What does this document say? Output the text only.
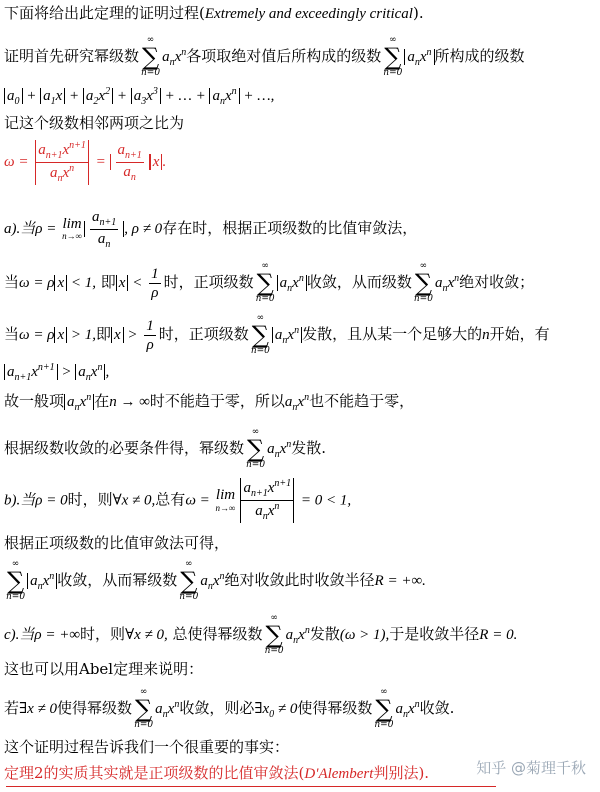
下面将给出此定理的证明过程(Extremely and exceedingly critical).
证明首先研究幂级数
∞
∑
n=0
$a_nx^n$各项取绝对值后所构成的级数
∞
∑
n=0
$a_nx^n$ 所构成的级数
$a_0 + a_1x + a_2x^2 + a_3x^3$ + … + $a_nx^n$ + …,
记这个级数相邻两项之比为
$\omega = \frac{a_{n+1}x^{n+1}}{a_nx^n} = \frac{a_{n+1}}{a_n}$ x .
a).当ρ = lim
$n\to\infty \frac{a_{n+1}}{a_n}$ , ρ ≠ 0存在时，根据正项级数的比值审敛法，
当ω = ρ x < 1, 即 $x < \frac{1}{\rho}$ 时，正项级数
∞
∑
n=0
$a_nx^n$ 收敛，从而级数
∞
∑
n=0
$a_nx^n$绝对收敛；
当ω = ρ x > 1,即 $x > \frac{1}{\rho}$ 时，正项级数
∞
∑
n=0
$a_nx^n$ 发散，且从某一个足够大的n开始，有
$a_{n+1}x^{n+1} > a_nx^n$ ,
故一般项 $a_nx^n$ 在n → ∞时不能趋于零，所以$a_nx^n$也不能趋于零，
根据级数收敛的必要条件得，幂级数
∞
∑
n=0
$a_nx^n$发散.
b).当ρ = 0时，则∀x ≠ 0,总有ω = lim
$n\to\infty \frac{a_{n+1}x^{n+1}}{a_nx^n} = 0 < 1$,
根据正项级数的比值审敛法可得，
∞
∑
n=0
$a_nx^n$ 收敛，从而幂级数
∞
∑
n=0
$a_nx^n$绝对收敛此时收敛半径R = +∞.
c).当ρ = +∞时，则∀x ≠ 0, 总使得幂级数
∞
∑
n=0
$a_nx^n$发散(ω > 1),于是收敛半径R = 0.
这也可以用Abel定理来说明：
若∃x ≠ 0使得幂级数
∞
∑
n=0
$a_nx^n$收敛，则必$\exists x_0 \ne 0$使得幂级数
∞
∑
n=0
$a_nx^n$收敛.
这个证明过程告诉我们一个很重要的事实：
定理2的实质其实就是正项级数的比值审敛法(D'Alembert判别法).	知乎 @菊理千秋
